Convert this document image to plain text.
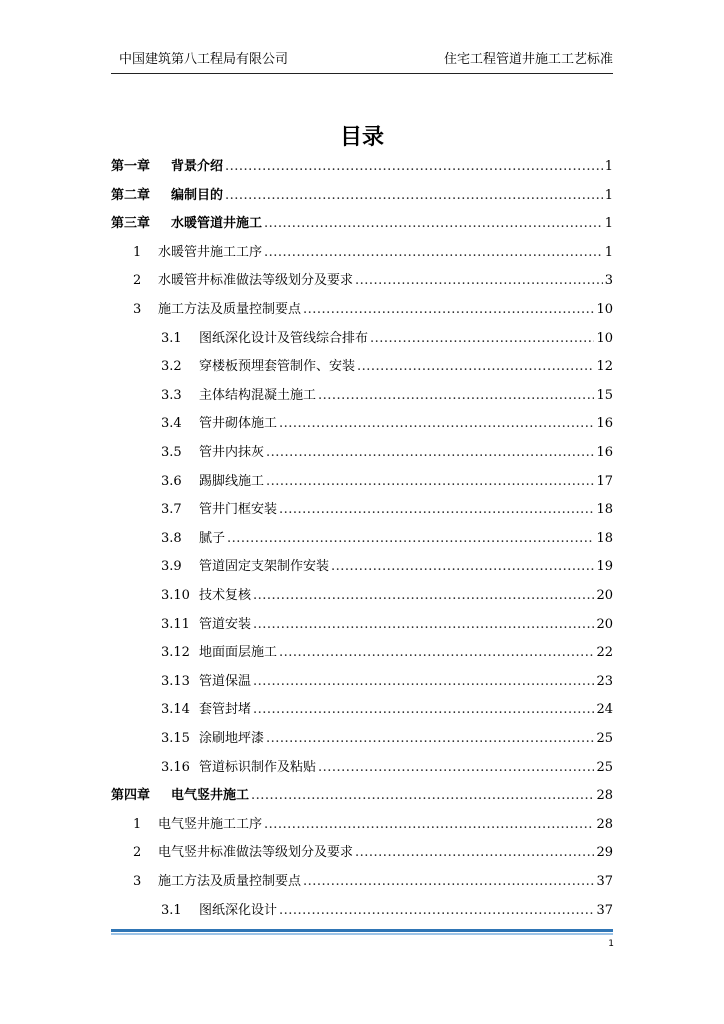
中国建筑第八工程局有限公司	住宅工程管道井施工工艺标准
目录
第一章	背景介绍 .....	1
第二章	编制目的 .....	1
第三章	水暖管道井施工 .....	1
1	水暖管井施工工序 .....	1
2	水暖管井标准做法等级划分及要求 .....	3
3	施工方法及质量控制要点 .....	10
3.1	图纸深化设计及管线综合排布 .....	10
3.2	穿楼板预埋套管制作、安装 .....	12
3.3	主体结构混凝土施工 .....	15
3.4	管井砌体施工 .....	16
3.5	管井内抹灰 .....	16
3.6	踢脚线施工 .....	17
3.7	管井门框安装 .....	18
3.8	腻子 .....	18
3.9	管道固定支架制作安装 .....	19
3.10 技术复核 .....	20
3.11 管道安装 .....	20
3.12 地面面层施工 .....	22
3.13 管道保温 .....	23
3.14 套管封堵 .....	24
3.15 涂刷地坪漆 .....	25
3.16 管道标识制作及粘贴 .....	25
第四章	电气竖井施工 .....	28
1	电气竖井施工工序 .....	28
2	电气竖井标准做法等级划分及要求 .....	29
3	施工方法及质量控制要点 .....	37
3.1	图纸深化设计 .....	37
1
